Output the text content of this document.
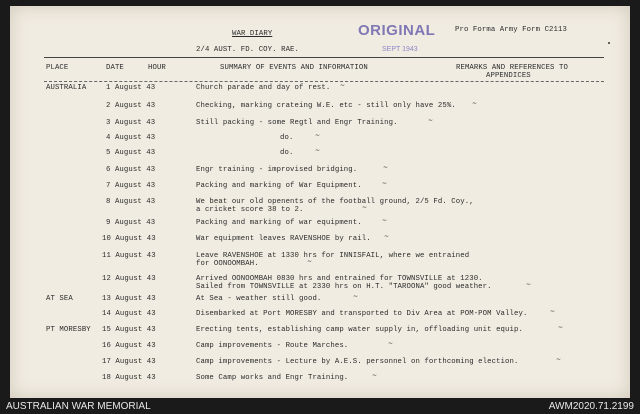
ORIGINAL
SEPT 1943
WAR DIARY
2/4 AUST. FD. COY. RAE.
Pro Forma Army Form C2113
PLACE	DATE	HOUR	SUMMARY OF EVENTS AND INFORMATION	REMARKS AND REFERENCES TO
APPENDICES
AUSTRALIA	1 August 43	Church parade and day of rest. ~
2 August 43	Checking, marking crateing W.E. etc - still only have 25%.	~
3 August 43	Still packing - some Regtl and Engr Training.	~
4 August 43	do.	~
5 August 43	do.	~
6 August 43	Engr training - improvised bridging.	~
7 August 43	Packing and marking of War Equipment.	~
8 August 43	We beat our old openents of the football ground, 2/5 Fd. Coy.,
a cricket score 38 to 2.	~
9 August 43	Packing and marking of war equipment.	~
10 August 43	War equipment leaves RAVENSHOE by rail. ~
11 August 43	Leave RAVENSHOE at 1330 hrs for INNISFAIL, where we entrained
for OONOOMBAH.	~
12 August 43	Arrived OONOOMBAH 0830 hrs and entrained for TOWNSVILLE at 1230.
Sailed from TOWNSVILLE at 2330 hrs on H.T. "TAROONA" good weather.	~
AT SEA	13 August 43	At Sea - weather still good.	~
14 August 43	Disembarked at Port MORESBY and transported to Div Area at POM-POM Valley.	~
PT MORESBY 15 August 43	Erecting tents, establishing camp water supply in, offloading unit equip.	~
16 August 43	Camp improvements - Route Marches.	~
17 August 43	Camp improvements - Lecture by A.E.S. personnel on forthcoming election.	~
18 August 43	Some Camp works and Engr Training.	~
AUSTRALIAN WAR MEMORIAL	AWM2020.71.2199
